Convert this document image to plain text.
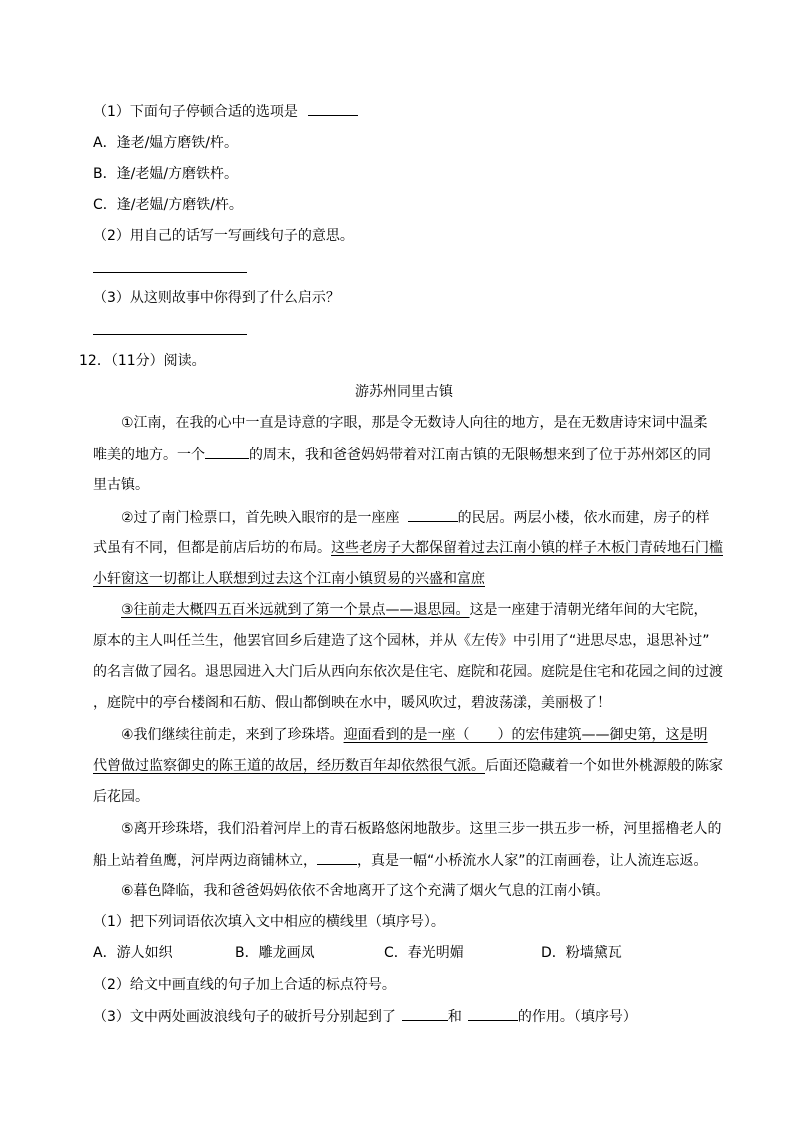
（1）下面句子停顿合适的选项是
A．逢老/媪方磨铁/杵。
B．逢/老媪/方磨铁杵。
C．逢/老媪/方磨铁/杵。
（2）用自己的话写一写画线句子的意思。
（3）从这则故事中你得到了什么启示？
12．（11分）阅读。
游苏州同里古镇
①江南，在我的心中一直是诗意的字眼，那是令无数诗人向往的地方，是在无数唐诗宋词中温柔
唯美的地方。一个	的周末，我和爸爸妈妈带着对江南古镇的无限畅想来到了位于苏州郊区的同
里古镇。
②过了南门检票口，首先映入眼帘的是一座座	的民居。两层小楼，依水而建，房子的样
式虽有不同，但都是前店后坊的布局。这些老房子大都保留着过去江南小镇的样子木板门青砖地石门槛
小轩窗这一切都让人联想到过去这个江南小镇贸易的兴盛和富庶
③往前走大概四五百米远就到了第一个景点——退思园。这是一座建于清朝光绪年间的大宅院，
原本的主人叫任兰生，他罢官回乡后建造了这个园林，并从《左传》中引用了“进思尽忠，退思补过”
的名言做了园名。退思园进入大门后从西向东依次是住宅、庭院和花园。庭院是住宅和花园之间的过渡
，庭院中的亭台楼阁和石舫、假山都倒映在水中，暖风吹过，碧波荡漾，美丽极了！
④我们继续往前走，来到了珍珠塔。迎面看到的是一座（　　）的宏伟建筑——御史第，这是明
代曾做过监察御史的陈王道的故居，经历数百年却依然很气派。后面还隐藏着一个如世外桃源般的陈家
后花园。
⑤离开珍珠塔，我们沿着河岸上的青石板路悠闲地散步。这里三步一拱五步一桥，河里摇橹老人的
船上站着鱼鹰，河岸两边商铺林立，	，真是一幅“小桥流水人家”的江南画卷，让人流连忘返。
⑥暮色降临，我和爸爸妈妈依依不舍地离开了这个充满了烟火气息的江南小镇。
（1）把下列词语依次填入文中相应的横线里（填序号）。
A．游人如织	B．雕龙画凤	C．春光明媚	D．粉墙黛瓦
（2）给文中画直线的句子加上合适的标点符号。
（3）文中两处画波浪线句子的破折号分别起到了	和	的作用。（填序号）
